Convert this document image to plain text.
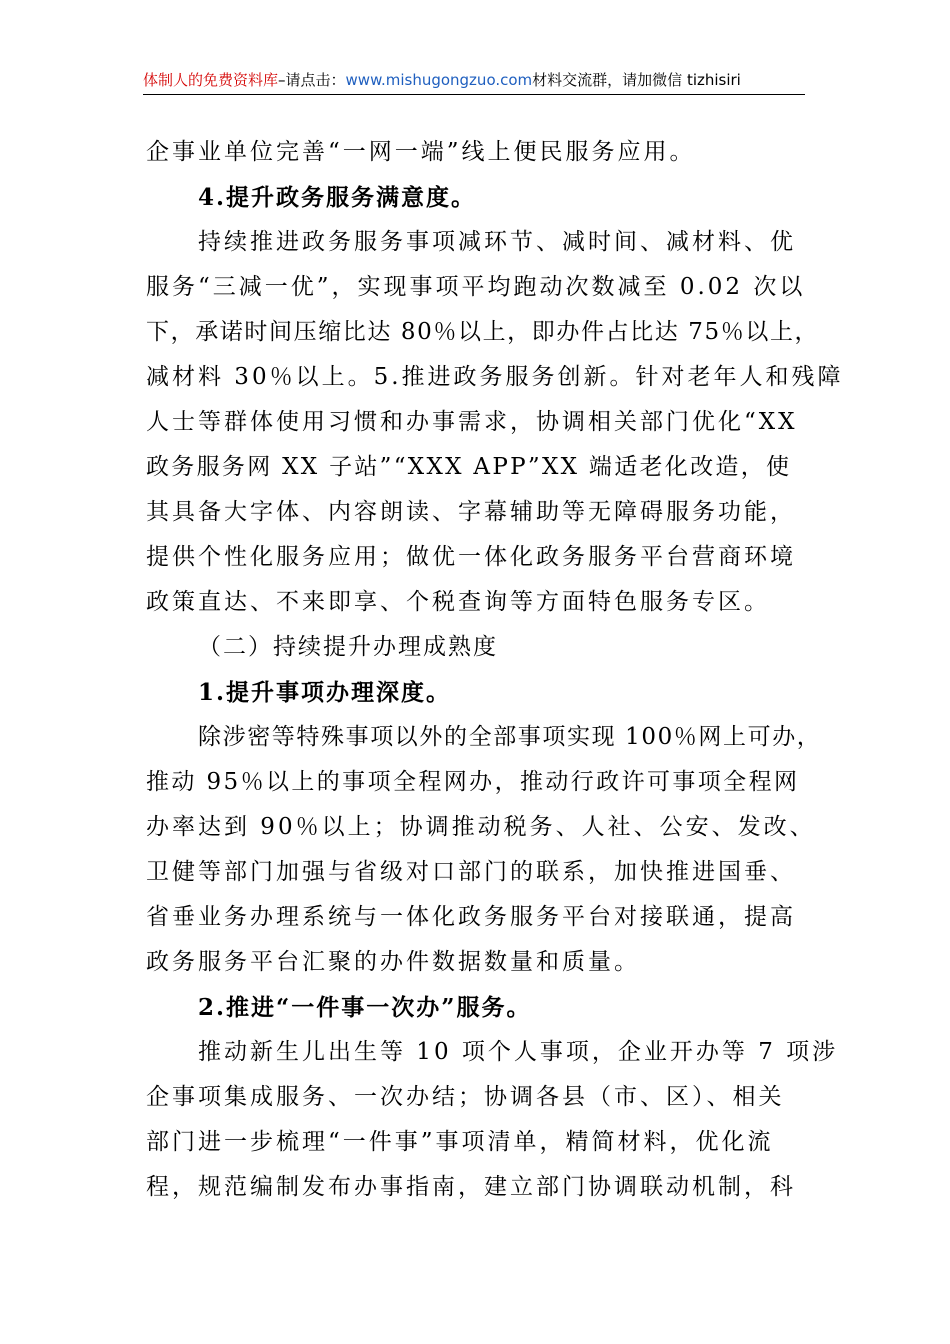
体制人的免费资料库–请点击：www.mishugongzuo.com材料交流群，请加微信 tizhisiri

企事业单位完善“一网一端”线上便民服务应用。

4.提升政务服务满意度。

持续推进政务服务事项减环节、减时间、减材料、优

服务“三减一优”，实现事项平均跑动次数减至 0.02 次以

下，承诺时间压缩比达 80％以上，即办件占比达 75％以上，

减材料 30％以上。5.推进政务服务创新。针对老年人和残障

人士等群体使用习惯和办事需求，协调相关部门优化“XX

政务服务网 XX 子站”“XXX APP”XX 端适老化改造，使

其具备大字体、内容朗读、字幕辅助等无障碍服务功能，

提供个性化服务应用；做优一体化政务服务平台营商环境

政策直达、不来即享、个税查询等方面特色服务专区。

（二）持续提升办理成熟度

1.提升事项办理深度。

除涉密等特殊事项以外的全部事项实现 100％网上可办，

推动 95％以上的事项全程网办，推动行政许可事项全程网

办率达到 90％以上；协调推动税务、人社、公安、发改、

卫健等部门加强与省级对口部门的联系，加快推进国垂、

省垂业务办理系统与一体化政务服务平台对接联通，提高

政务服务平台汇聚的办件数据数量和质量。

2.推进“一件事一次办”服务。

推动新生儿出生等 10 项个人事项，企业开办等 7 项涉

企事项集成服务、一次办结；协调各县（市、区）、相关

部门进一步梳理“一件事”事项清单，精简材料，优化流

程，规范编制发布办事指南，建立部门协调联动机制，科
